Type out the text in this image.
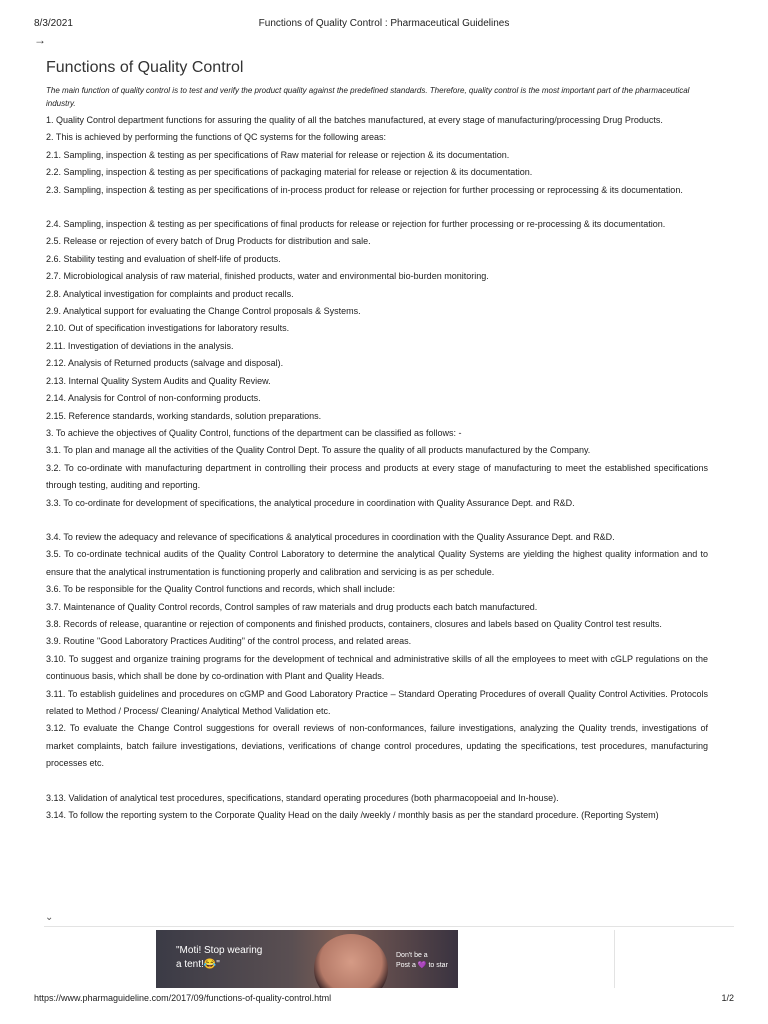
8/3/2021	Functions of Quality Control : Pharmaceutical Guidelines
→
Functions of Quality Control
The main function of quality control is to test and verify the product quality against the predefined standards. Therefore, quality control is the most important part of the pharmaceutical industry.

1. Quality Control department functions for assuring the quality of all the batches manufactured, at every stage of manufacturing/processing Drug Products.

2. This is achieved by performing the functions of QC systems for the following areas:

2.1. Sampling, inspection & testing as per specifications of Raw material for release or rejection & its documentation.

2.2. Sampling, inspection & testing as per specifications of packaging material for release or rejection & its documentation.

2.3. Sampling, inspection & testing as per specifications of in-process product for release or rejection for further processing or reprocessing & its documentation.

2.4. Sampling, inspection & testing as per specifications of final products for release or rejection for further processing or re-processing & its documentation.

2.5. Release or rejection of every batch of Drug Products for distribution and sale.

2.6. Stability testing and evaluation of shelf-life of products.

2.7. Microbiological analysis of raw material, finished products, water and environmental bio-burden monitoring.

2.8. Analytical investigation for complaints and product recalls.

2.9. Analytical support for evaluating the Change Control proposals & Systems.

2.10. Out of specification investigations for laboratory results.

2.11. Investigation of deviations in the analysis.

2.12. Analysis of Returned products (salvage and disposal).

2.13. Internal Quality System Audits and Quality Review.

2.14. Analysis for Control of non-conforming products.

2.15. Reference standards, working standards, solution preparations.

3. To achieve the objectives of Quality Control, functions of the department can be classified as follows: -

3.1. To plan and manage all the activities of the Quality Control Dept. To assure the quality of all products manufactured by the Company.

3.2. To co-ordinate with manufacturing department in controlling their process and products at every stage of manufacturing to meet the established specifications through testing, auditing and reporting.

3.3. To co-ordinate for development of specifications, the analytical procedure in coordination with Quality Assurance Dept. and R&D.

3.4. To review the adequacy and relevance of specifications & analytical procedures in coordination with the Quality Assurance Dept. and R&D.

3.5. To co-ordinate technical audits of the Quality Control Laboratory to determine the analytical Quality Systems are yielding the highest quality information and to ensure that the analytical instrumentation is functioning properly and calibration and servicing is as per schedule.

3.6. To be responsible for the Quality Control functions and records, which shall include:

3.7. Maintenance of Quality Control records, Control samples of raw materials and drug products each batch manufactured.

3.8. Records of release, quarantine or rejection of components and finished products, containers, closures and labels based on Quality Control test results.

3.9. Routine "Good Laboratory Practices Auditing" of the control process, and related areas.

3.10. To suggest and organize training programs for the development of technical and administrative skills of all the employees to meet with cGLP regulations on the continuous basis, which shall be done by co-ordination with Plant and Quality Heads.

3.11. To establish guidelines and procedures on cGMP and Good Laboratory Practice – Standard Operating Procedures of overall Quality Control Activities. Protocols related to Method / Process/ Cleaning/ Analytical Method Validation etc.

3.12. To evaluate the Change Control suggestions for overall reviews of non-conformances, failure investigations, analyzing the Quality trends, investigations of market complaints, batch failure investigations, deviations, verifications of change control procedures, updating the specifications, test procedures, manufacturing processes etc.

3.13. Validation of analytical test procedures, specifications, standard operating procedures (both pharmacopoeial and In-house).

3.14. To follow the reporting system to the Corporate Quality Head on the daily /weekly / monthly basis as per the standard procedure. (Reporting System)

⌄
"Moti! Stop wearing
a tent!😂"
Don't be a
Post a 💜 to star
https://www.pharmaguideline.com/2017/09/functions-of-quality-control.html	1/2
